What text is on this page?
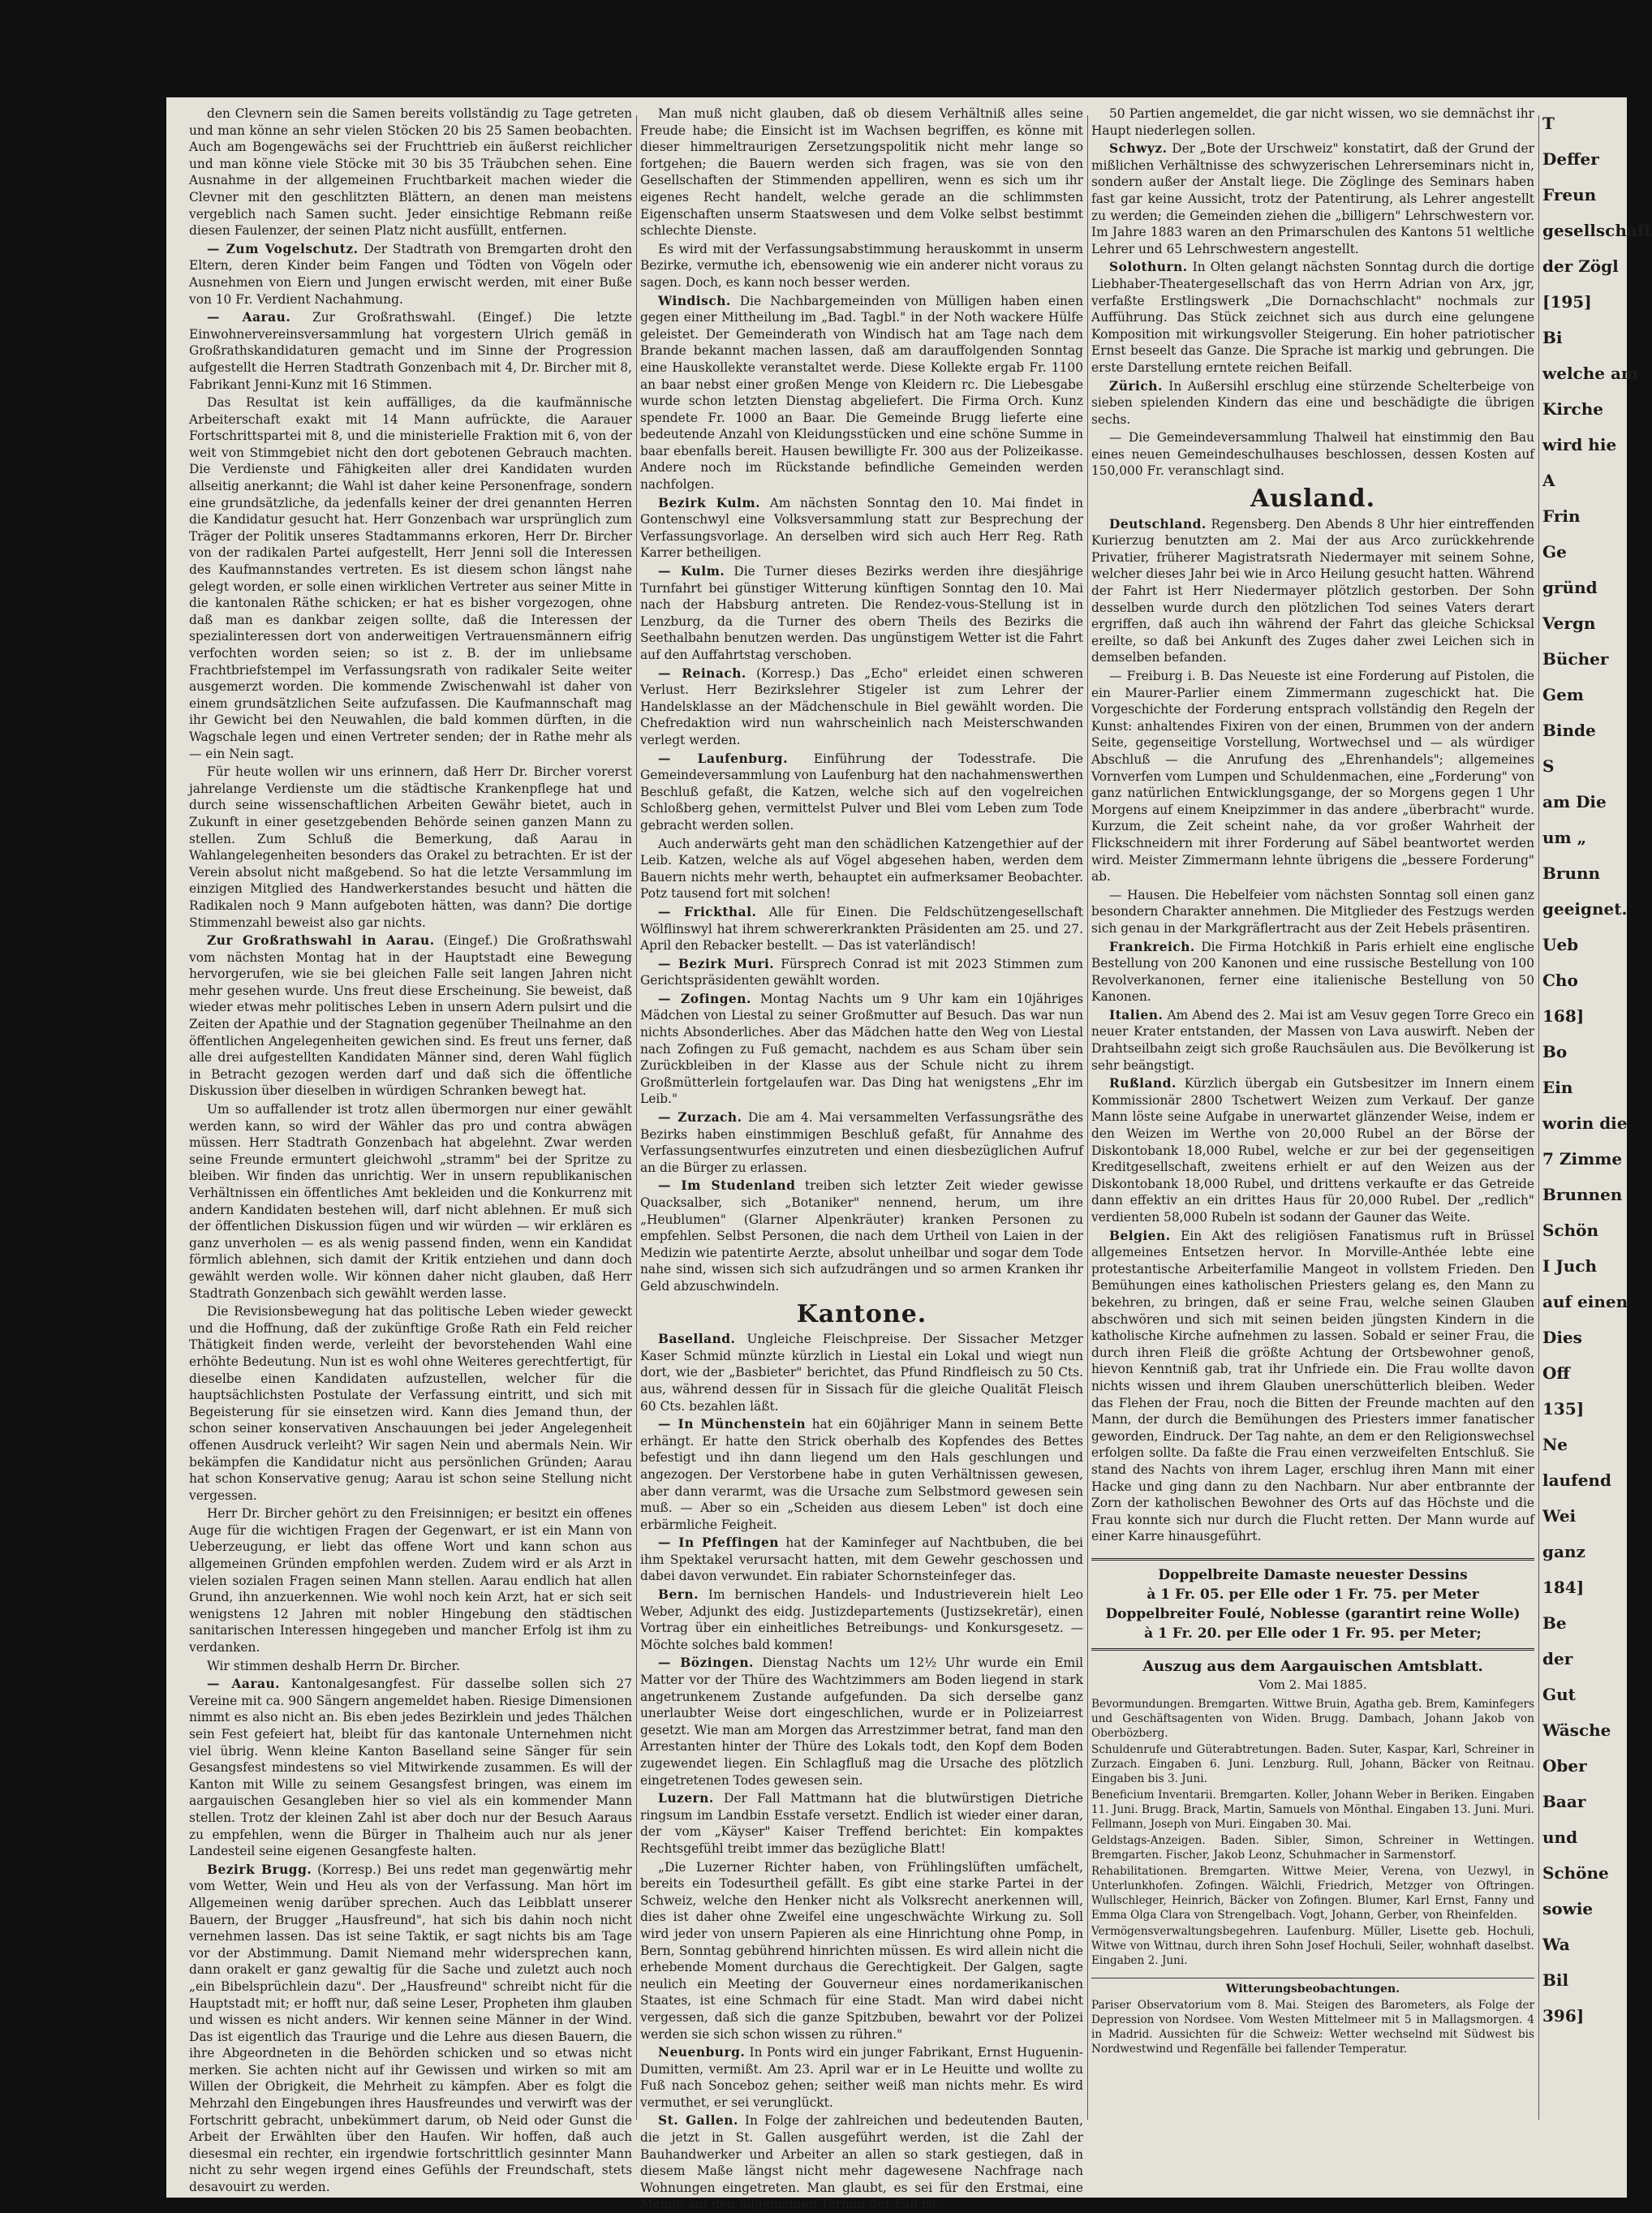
den Clevnern sein die Samen bereits vollständig zu Tage getreten und man könne an sehr vielen Stöcken 20 bis 25 Samen beobachten. Auch am Bogengewächs sei der Fruchttrieb ein äußerst reichlicher und man könne viele Stöcke mit 30 bis 35 Träubchen sehen. Eine Ausnahme in der allgemeinen Fruchtbarkeit machen wieder die Clevner mit den geschlitzten Blättern, an denen man meistens vergeblich nach Samen sucht. Jeder einsichtige Rebmann reiße diesen Faulenzer, der seinen Platz nicht ausfüllt, entfernen.

— Zum Vogelschutz. Der Stadtrath von Bremgarten droht den Eltern, deren Kinder beim Fangen und Tödten von Vögeln oder Ausnehmen von Eiern und Jungen erwischt werden, mit einer Buße von 10 Fr. Verdient Nachahmung.

— Aarau. Zur Großrathswahl. (Eingef.) Die letzte Einwohnervereinsversammlung hat vorgestern Ulrich gemäß in Großrathskandidaturen gemacht und im Sinne der Progression aufgestellt die Herren Stadtrath Gonzenbach mit 4, Dr. Bircher mit 8, Fabrikant Jenni-Kunz mit 16 Stimmen.

Das Resultat ist kein auffälliges, da die kaufmännische Arbeiterschaft exakt mit 14 Mann aufrückte, die Aarauer Fortschrittspartei mit 8, und die ministerielle Fraktion mit 6, von der weit von Stimmgebiet nicht den dort gebotenen Gebrauch machten. Die Verdienste und Fähigkeiten aller drei Kandidaten wurden allseitig anerkannt; die Wahl ist daher keine Personenfrage, sondern eine grundsätzliche, da jedenfalls keiner der drei genannten Herren die Kandidatur gesucht hat. Herr Gonzenbach war ursprünglich zum Träger der Politik unseres Stadtammanns erkoren, Herr Dr. Bircher von der radikalen Partei aufgestellt, Herr Jenni soll die Interessen des Kaufmannstandes vertreten. Es ist diesem schon längst nahe gelegt worden, er solle einen wirklichen Vertreter aus seiner Mitte in die kantonalen Räthe schicken; er hat es bisher vorgezogen, ohne daß man es dankbar zeigen sollte, daß die Interessen der spezialinteressen dort von anderweitigen Vertrauensmännern eifrig verfochten worden seien; so ist z. B. der im unliebsame Frachtbriefstempel im Verfassungsrath von radikaler Seite weiter ausgemerzt worden. Die kommende Zwischenwahl ist daher von einem grundsätzlichen Seite aufzufassen. Die Kaufmannschaft mag ihr Gewicht bei den Neuwahlen, die bald kommen dürften, in die Wagschale legen und einen Vertreter senden; der in Rathe mehr als — ein Nein sagt.

Für heute wollen wir uns erinnern, daß Herr Dr. Bircher vorerst jahrelange Verdienste um die städtische Krankenpflege hat und durch seine wissenschaftlichen Arbeiten Gewähr bietet, auch in Zukunft in einer gesetzgebenden Behörde seinen ganzen Mann zu stellen. Zum Schluß die Bemerkung, daß Aarau in Wahlangelegenheiten besonders das Orakel zu betrachten. Er ist der Verein absolut nicht maßgebend. So hat die letzte Versammlung im einzigen Mitglied des Handwerkerstandes besucht und hätten die Radikalen noch 9 Mann aufgeboten hätten, was dann? Die dortige Stimmenzahl beweist also gar nichts.

Zur Großrathswahl in Aarau. (Eingef.) Die Großrathswahl vom nächsten Montag hat in der Hauptstadt eine Bewegung hervorgerufen, wie sie bei gleichen Falle seit langen Jahren nicht mehr gesehen wurde. Uns freut diese Erscheinung. Sie beweist, daß wieder etwas mehr politisches Leben in unsern Adern pulsirt und die Zeiten der Apathie und der Stagnation gegenüber Theilnahme an den öffentlichen Angelegenheiten gewichen sind. Es freut uns ferner, daß alle drei aufgestellten Kandidaten Männer sind, deren Wahl füglich in Betracht gezogen werden darf und daß sich die öffentliche Diskussion über dieselben in würdigen Schranken bewegt hat.

Um so auffallender ist trotz allen übermorgen nur einer gewählt werden kann, so wird der Wähler das pro und contra abwägen müssen. Herr Stadtrath Gonzenbach hat abgelehnt. Zwar werden seine Freunde ermuntert gleichwohl „stramm" bei der Spritze zu bleiben. Wir finden das unrichtig. Wer in unsern republikanischen Verhältnissen ein öffentliches Amt bekleiden und die Konkurrenz mit andern Kandidaten bestehen will, darf nicht ablehnen. Er muß sich der öffentlichen Diskussion fügen und wir würden — wir erklären es ganz unverholen — es als wenig passend finden, wenn ein Kandidat förmlich ablehnen, sich damit der Kritik entziehen und dann doch gewählt werden wolle. Wir können daher nicht glauben, daß Herr Stadtrath Gonzenbach sich gewählt werden lasse.

Die Revisionsbewegung hat das politische Leben wieder geweckt und die Hoffnung, daß der zukünftige Große Rath ein Feld reicher Thätigkeit finden werde, verleiht der bevorstehenden Wahl eine erhöhte Bedeutung. Nun ist es wohl ohne Weiteres gerechtfertigt, für dieselbe einen Kandidaten aufzustellen, welcher für die hauptsächlichsten Postulate der Verfassung eintritt, und sich mit Begeisterung für sie einsetzen wird. Kann dies Jemand thun, der schon seiner konservativen Anschauungen bei jeder Angelegenheit offenen Ausdruck verleiht? Wir sagen Nein und abermals Nein. Wir bekämpfen die Kandidatur nicht aus persönlichen Gründen; Aarau hat schon Konservative genug; Aarau ist schon seine Stellung nicht vergessen.

Herr Dr. Bircher gehört zu den Freisinnigen; er besitzt ein offenes Auge für die wichtigen Fragen der Gegenwart, er ist ein Mann von Ueberzeugung, er liebt das offene Wort und kann schon aus allgemeinen Gründen empfohlen werden. Zudem wird er als Arzt in vielen sozialen Fragen seinen Mann stellen. Aarau endlich hat allen Grund, ihn anzuerkennen. Wie wohl noch kein Arzt, hat er sich seit wenigstens 12 Jahren mit nobler Hingebung den städtischen sanitarischen Interessen hingegeben und mancher Erfolg ist ihm zu verdanken.

Wir stimmen deshalb Herrn Dr. Bircher.

— Aarau. Kantonalgesangfest. Für dasselbe sollen sich 27 Vereine mit ca. 900 Sängern angemeldet haben. Riesige Dimensionen nimmt es also nicht an. Bis eben jedes Bezirklein und jedes Thälchen sein Fest gefeiert hat, bleibt für das kantonale Unternehmen nicht viel übrig. Wenn kleine Kanton Baselland seine Sänger für sein Gesangsfest mindestens so viel Mitwirkende zusammen. Es will der Kanton mit Wille zu seinem Gesangsfest bringen, was einem im aargauischen Gesangleben hier so viel als ein kommender Mann stellen. Trotz der kleinen Zahl ist aber doch nur der Besuch Aaraus zu empfehlen, wenn die Bürger in Thalheim auch nur als jener Landesteil seine eigenen Gesangfeste halten.

Bezirk Brugg. (Korresp.) Bei uns redet man gegenwärtig mehr vom Wetter, Wein und Heu als von der Verfassung. Man hört im Allgemeinen wenig darüber sprechen. Auch das Leibblatt unserer Bauern, der Brugger „Hausfreund", hat sich bis dahin noch nicht vernehmen lassen. Das ist seine Taktik, er sagt nichts bis am Tage vor der Abstimmung. Damit Niemand mehr widersprechen kann, dann orakelt er ganz gewaltig für die Sache und zuletzt auch noch „ein Bibelsprüchlein dazu". Der „Hausfreund" schreibt nicht für die Hauptstadt mit; er hofft nur, daß seine Leser, Propheten ihm glauben und wissen es nicht anders. Wir kennen seine Männer in der Wind. Das ist eigentlich das Traurige und die Lehre aus diesen Bauern, die ihre Abgeordneten in die Behörden schicken und so etwas nicht merken. Sie achten nicht auf ihr Gewissen und wirken so mit am Willen der Obrigkeit, die Mehrheit zu kämpfen. Aber es folgt die Mehrzahl den Eingebungen ihres Hausfreundes und verwirft was der Fortschritt gebracht, unbekümmert darum, ob Neid oder Gunst die Arbeit der Erwählten über den Haufen. Wir hoffen, daß auch diesesmal ein rechter, ein irgendwie fortschrittlich gesinnter Mann nicht zu sehr wegen irgend eines Gefühls der Freundschaft, stets desavouirt zu werden.

Man muß nicht glauben, daß ob diesem Verhältniß alles seine Freude habe; die Einsicht ist im Wachsen begriffen, es könne mit dieser himmeltraurigen Zersetzungspolitik nicht mehr lange so fortgehen; die Bauern werden sich fragen, was sie von den Gesellschaften der Stimmenden appelliren, wenn es sich um ihr eigenes Recht handelt, welche gerade an die schlimmsten Eigenschaften unserm Staatswesen und dem Volke selbst bestimmt schlechte Dienste.

Es wird mit der Verfassungsabstimmung herauskommt in unserm Bezirke, vermuthe ich, ebensowenig wie ein anderer nicht voraus zu sagen. Doch, es kann noch besser werden.

Windisch. Die Nachbargemeinden von Mülligen haben einen gegen einer Mittheilung im „Bad. Tagbl." in der Noth wackere Hülfe geleistet. Der Gemeinderath von Windisch hat am Tage nach dem Brande bekannt machen lassen, daß am darauffolgenden Sonntag eine Hauskollekte veranstaltet werde. Diese Kollekte ergab Fr. 1100 an baar nebst einer großen Menge von Kleidern rc. Die Liebesgabe wurde schon letzten Dienstag abgeliefert. Die Firma Orch. Kunz spendete Fr. 1000 an Baar. Die Gemeinde Brugg lieferte eine bedeutende Anzahl von Kleidungsstücken und eine schöne Summe in baar ebenfalls bereit. Hausen bewilligte Fr. 300 aus der Polizeikasse. Andere noch im Rückstande befindliche Gemeinden werden nachfolgen.

Bezirk Kulm. Am nächsten Sonntag den 10. Mai findet in Gontenschwyl eine Volksversammlung statt zur Besprechung der Verfassungsvorlage. An derselben wird sich auch Herr Reg. Rath Karrer betheiligen.

— Kulm. Die Turner dieses Bezirks werden ihre diesjährige Turnfahrt bei günstiger Witterung künftigen Sonntag den 10. Mai nach der Habsburg antreten. Die Rendez-vous-Stellung ist in Lenzburg, da die Turner des obern Theils des Bezirks die Seethalbahn benutzen werden. Das ungünstigem Wetter ist die Fahrt auf den Auffahrtstag verschoben.

— Reinach. (Korresp.) Das „Echo" erleidet einen schweren Verlust. Herr Bezirkslehrer Stigeler ist zum Lehrer der Handelsklasse an der Mädchenschule in Biel gewählt worden. Die Chefredaktion wird nun wahrscheinlich nach Meisterschwanden verlegt werden.

— Laufenburg. Einführung der Todesstrafe. Die Gemeindeversammlung von Laufenburg hat den nachahmenswerthen Beschluß gefaßt, die Katzen, welche sich auf den vogelreichen Schloßberg gehen, vermittelst Pulver und Blei vom Leben zum Tode gebracht werden sollen.

Auch anderwärts geht man den schädlichen Katzengethier auf der Leib. Katzen, welche als auf Vögel abgesehen haben, werden dem Bauern nichts mehr werth, behauptet ein aufmerksamer Beobachter. Potz tausend fort mit solchen!

— Frickthal. Alle für Einen. Die Feldschützengesellschaft Wölflinswyl hat ihrem schwererkrankten Präsidenten am 25. und 27. April den Rebacker bestellt. — Das ist vaterländisch!

— Bezirk Muri. Fürsprech Conrad ist mit 2023 Stimmen zum Gerichtspräsidenten gewählt worden.

— Zofingen. Montag Nachts um 9 Uhr kam ein 10jähriges Mädchen von Liestal zu seiner Großmutter auf Besuch. Das war nun nichts Absonderliches. Aber das Mädchen hatte den Weg von Liestal nach Zofingen zu Fuß gemacht, nachdem es aus Scham über sein Zurückbleiben in der Klasse aus der Schule nicht zu ihrem Großmütterlein fortgelaufen war. Das Ding hat wenigstens „Ehr im Leib."

— Zurzach. Die am 4. Mai versammelten Verfassungsräthe des Bezirks haben einstimmigen Beschluß gefaßt, für Annahme des Verfassungsentwurfes einzutreten und einen diesbezüglichen Aufruf an die Bürger zu erlassen.

— Im Studenland treiben sich letzter Zeit wieder gewisse Quacksalber, sich „Botaniker" nennend, herum, um ihre „Heublumen" (Glarner Alpenkräuter) kranken Personen zu empfehlen. Selbst Personen, die nach dem Urtheil von Laien in der Medizin wie patentirte Aerzte, absolut unheilbar und sogar dem Tode nahe sind, wissen sich sich aufzudrängen und so armen Kranken ihr Geld abzuschwindeln.

Kantone.

Baselland. Ungleiche Fleischpreise. Der Sissacher Metzger Kaser Schmid münzte kürzlich in Liestal ein Lokal und wiegt nun dort, wie der „Basbieter" berichtet, das Pfund Rindfleisch zu 50 Cts. aus, während dessen für in Sissach für die gleiche Qualität Fleisch 60 Cts. bezahlen läßt.

— In Münchenstein hat ein 60jähriger Mann in seinem Bette erhängt. Er hatte den Strick oberhalb des Kopfendes des Bettes befestigt und ihn dann liegend um den Hals geschlungen und angezogen. Der Verstorbene habe in guten Verhältnissen gewesen, aber dann verarmt, was die Ursache zum Selbstmord gewesen sein muß. — Aber so ein „Scheiden aus diesem Leben" ist doch eine erbärmliche Feigheit.

— In Pfeffingen hat der Kaminfeger auf Nachtbuben, die bei ihm Spektakel verursacht hatten, mit dem Gewehr geschossen und dabei davon verwundet. Ein rabiater Schornsteinfeger das.

Bern. Im bernischen Handels- und Industrieverein hielt Leo Weber, Adjunkt des eidg. Justizdepartements (Justizsekretär), einen Vortrag über ein einheitliches Betreibungs- und Konkursgesetz. — Möchte solches bald kommen!

— Bözingen. Dienstag Nachts um 12½ Uhr wurde ein Emil Matter vor der Thüre des Wachtzimmers am Boden liegend in stark angetrunkenem Zustande aufgefunden. Da sich derselbe ganz unerlaubter Weise dort eingeschlichen, wurde er in Polizeiarrest gesetzt. Wie man am Morgen das Arrestzimmer betrat, fand man den Arrestanten hinter der Thüre des Lokals todt, den Kopf dem Boden zugewendet liegen. Ein Schlagfluß mag die Ursache des plötzlich eingetretenen Todes gewesen sein.

Luzern. Der Fall Mattmann hat die blutwürstigen Dietriche ringsum im Landbin Esstafe versetzt. Endlich ist wieder einer daran, der vom „Käyser" Kaiser Treffend berichtet: Ein kompaktes Rechtsgefühl treibt immer das bezügliche Blatt!

„Die Luzerner Richter haben, von Frühlingslüften umfächelt, bereits ein Todesurtheil gefällt. Es gibt eine starke Partei in der Schweiz, welche den Henker nicht als Volksrecht anerkennen will, dies ist daher ohne Zweifel eine ungeschwächte Wirkung zu. Soll wird jeder von unsern Papieren als eine Hinrichtung ohne Pomp, in Bern, Sonntag gebührend hinrichten müssen. Es wird allein nicht die erhebende Moment durchaus die Gerechtigkeit. Der Galgen, sagte neulich ein Meeting der Gouverneur eines nordamerikanischen Staates, ist eine Schmach für eine Stadt. Man wird dabei nicht vergessen, daß sich die ganze Spitzbuben, bewahrt vor der Polizei werden sie sich schon wissen zu rühren."

Neuenburg. In Ponts wird ein junger Fabrikant, Ernst Huguenin-Dumitten, vermißt. Am 23. April war er in Le Heuitte und wollte zu Fuß nach Sonceboz gehen; seither weiß man nichts mehr. Es wird vermuthet, er sei verunglückt.

St. Gallen. In Folge der zahlreichen und bedeutenden Bauten, die jetzt in St. Gallen ausgeführt werden, ist die Zahl der Bauhandwerker und Arbeiter an allen so stark gestiegen, daß in diesem Maße längst nicht mehr dagewesene Nachfrage nach Wohnungen eingetreten. Man glaubt, es sei für den Erstmai, eine Menge auf den allgemeinen Termin der Fall ist.

50 Partien angemeldet, die gar nicht wissen, wo sie demnächst ihr Haupt niederlegen sollen.

Schwyz. Der „Bote der Urschweiz" konstatirt, daß der Grund der mißlichen Verhältnisse des schwyzerischen Lehrerseminars nicht in, sondern außer der Anstalt liege. Die Zöglinge des Seminars haben fast gar keine Aussicht, trotz der Patentirung, als Lehrer angestellt zu werden; die Gemeinden ziehen die „billigern" Lehrschwestern vor. Im Jahre 1883 waren an den Primarschulen des Kantons 51 weltliche Lehrer und 65 Lehrschwestern angestellt.

Solothurn. In Olten gelangt nächsten Sonntag durch die dortige Liebhaber-Theatergesellschaft das von Herrn Adrian von Arx, jgr, verfaßte Erstlingswerk „Die Dornachschlacht" nochmals zur Aufführung. Das Stück zeichnet sich aus durch eine gelungene Komposition mit wirkungsvoller Steigerung. Ein hoher patriotischer Ernst beseelt das Ganze. Die Sprache ist markig und gebrungen. Die erste Darstellung erntete reichen Beifall.

Zürich. In Außersihl erschlug eine stürzende Schelterbeige von sieben spielenden Kindern das eine und beschädigte die übrigen sechs.

— Die Gemeindeversammlung Thalweil hat einstimmig den Bau eines neuen Gemeindeschulhauses beschlossen, dessen Kosten auf 150,000 Fr. veranschlagt sind.

Ausland.

Deutschland. Regensberg. Den Abends 8 Uhr hier eintreffenden Kurierzug benutzten am 2. Mai der aus Arco zurückkehrende Privatier, früherer Magistratsrath Niedermayer mit seinem Sohne, welcher dieses Jahr bei wie in Arco Heilung gesucht hatten. Während der Fahrt ist Herr Niedermayer plötzlich gestorben. Der Sohn desselben wurde durch den plötzlichen Tod seines Vaters derart ergriffen, daß auch ihn während der Fahrt das gleiche Schicksal ereilte, so daß bei Ankunft des Zuges daher zwei Leichen sich in demselben befanden.

— Freiburg i. B. Das Neueste ist eine Forderung auf Pistolen, die ein Maurer-Parlier einem Zimmermann zugeschickt hat. Die Vorgeschichte der Forderung entsprach vollständig den Regeln der Kunst: anhaltendes Fixiren von der einen, Brummen von der andern Seite, gegenseitige Vorstellung, Wortwechsel und — als würdiger Abschluß — die Anrufung des „Ehrenhandels"; allgemeines Vornverfen vom Lumpen und Schuldenmachen, eine „Forderung" von ganz natürlichen Entwicklungsgange, der so Morgens gegen 1 Uhr Morgens auf einem Kneipzimmer in das andere „überbracht" wurde. Kurzum, die Zeit scheint nahe, da vor großer Wahrheit der Flickschneidern mit ihrer Forderung auf Säbel beantwortet werden wird. Meister Zimmermann lehnte übrigens die „bessere Forderung" ab.

— Hausen. Die Hebelfeier vom nächsten Sonntag soll einen ganz besondern Charakter annehmen. Die Mitglieder des Festzugs werden sich genau in der Markgräflertracht aus der Zeit Hebels präsentiren.

Frankreich. Die Firma Hotchkiß in Paris erhielt eine englische Bestellung von 200 Kanonen und eine russische Bestellung von 100 Revolverkanonen, ferner eine italienische Bestellung von 50 Kanonen.

Italien. Am Abend des 2. Mai ist am Vesuv gegen Torre Greco ein neuer Krater entstanden, der Massen von Lava auswirft. Neben der Drahtseilbahn zeigt sich große Rauchsäulen aus. Die Bevölkerung ist sehr beängstigt.

Rußland. Kürzlich übergab ein Gutsbesitzer im Innern einem Kommissionär 2800 Tschetwert Weizen zum Verkauf. Der ganze Mann löste seine Aufgabe in unerwartet glänzender Weise, indem er den Weizen im Werthe von 20,000 Rubel an der Börse der Diskontobank 18,000 Rubel, welche er zur bei der gegenseitigen Kreditgesellschaft, zweitens erhielt er auf den Weizen aus der Diskontobank 18,000 Rubel, und drittens verkaufte er das Getreide dann effektiv an ein drittes Haus für 20,000 Rubel. Der „redlich" verdienten 58,000 Rubeln ist sodann der Gauner das Weite.

Belgien. Ein Akt des religiösen Fanatismus ruft in Brüssel allgemeines Entsetzen hervor. In Morville-Anthée lebte eine protestantische Arbeiterfamilie Mangeot in vollstem Frieden. Den Bemühungen eines katholischen Priesters gelang es, den Mann zu bekehren, zu bringen, daß er seine Frau, welche seinen Glauben abschwören und sich mit seinen beiden jüngsten Kindern in die katholische Kirche aufnehmen zu lassen. Sobald er seiner Frau, die durch ihren Fleiß die größte Achtung der Ortsbewohner genoß, hievon Kenntniß gab, trat ihr Unfriede ein. Die Frau wollte davon nichts wissen und ihrem Glauben unerschütterlich bleiben. Weder das Flehen der Frau, noch die Bitten der Freunde machten auf den Mann, der durch die Bemühungen des Priesters immer fanatischer geworden, Eindruck. Der Tag nahte, an dem er den Religionswechsel erfolgen sollte. Da faßte die Frau einen verzweifelten Entschluß. Sie stand des Nachts von ihrem Lager, erschlug ihren Mann mit einer Hacke und ging dann zu den Nachbarn. Nur aber entbrannte der Zorn der katholischen Bewohner des Orts auf das Höchste und die Frau konnte sich nur durch die Flucht retten. Der Mann wurde auf einer Karre hinausgeführt.

Doppelbreite Damaste neuester Dessins
à 1 Fr. 05. per Elle oder 1 Fr. 75. per Meter
Doppelbreiter Foulé, Noblesse (garantirt reine Wolle)
à 1 Fr. 20. per Elle oder 1 Fr. 95. per Meter;
Auszug aus dem Aargauischen Amtsblatt.
Vom 2. Mai 1885.

Bevormundungen. Bremgarten. Wittwe Bruin, Agatha geb. Brem, Kaminfegers und Geschäftsagenten von Widen. Brugg. Dambach, Johann Jakob von Oberbözberg.

Schuldenrufe und Güterabtretungen. Baden. Suter, Kaspar, Karl, Schreiner in Zurzach. Eingaben 6. Juni. Lenzburg. Rull, Johann, Bäcker von Reitnau. Eingaben bis 3. Juni.

Beneficium Inventarii. Bremgarten. Koller, Johann Weber in Beriken. Eingaben 11. Juni. Brugg. Brack, Martin, Samuels von Mönthal. Eingaben 13. Juni. Muri. Fellmann, Joseph von Muri. Eingaben 30. Mai.

Geldstags-Anzeigen. Baden. Sibler, Simon, Schreiner in Wettingen. Bremgarten. Fischer, Jakob Leonz, Schuhmacher in Sarmenstorf.

Rehabilitationen. Bremgarten. Wittwe Meier, Verena, von Uezwyl, in Unterlunkhofen. Zofingen. Wälchli, Friedrich, Metzger von Oftringen. Wullschleger, Heinrich, Bäcker von Zofingen. Blumer, Karl Ernst, Fanny und Emma Olga Clara von Strengelbach. Vogt, Johann, Gerber, von Rheinfelden.

Vermögensverwaltungsbegehren. Laufenburg. Müller, Lisette geb. Hochuli, Witwe von Wittnau, durch ihren Sohn Josef Hochuli, Seiler, wohnhaft daselbst. Eingaben 2. Juni.

Witterungsbeobachtungen.
Pariser Observatorium vom 8. Mai. Steigen des Barometers, als Folge der Depression von Nordsee. Vom Westen Mittelmeer mit 5 in Mallagsmorgen. 4 in Madrid. Aussichten für die Schweiz: Wetter wechselnd mit Südwest bis Nordwestwind und Regenfälle bei fallender Temperatur.
T
Deffer
Freun
gesellschaft
der Zögl
[195]
Bi
welche am
Kirche
wird hie
A
Frin
Ge
gründ
Vergn
Bücher
Gem
Binde
S
am Die
um „
Brunn
geeignet.
Ueb
Cho
168]
Bo
Ein
worin die
7 Zimme
Brunnen
Schön
I Juch
auf einen
Dies
Off
135]
Ne
laufend
Wei
ganz
184]
Be
der
Gut
Wäsche
Ober
Baar
und
Schöne
sowie
Wa
Bil
396]
